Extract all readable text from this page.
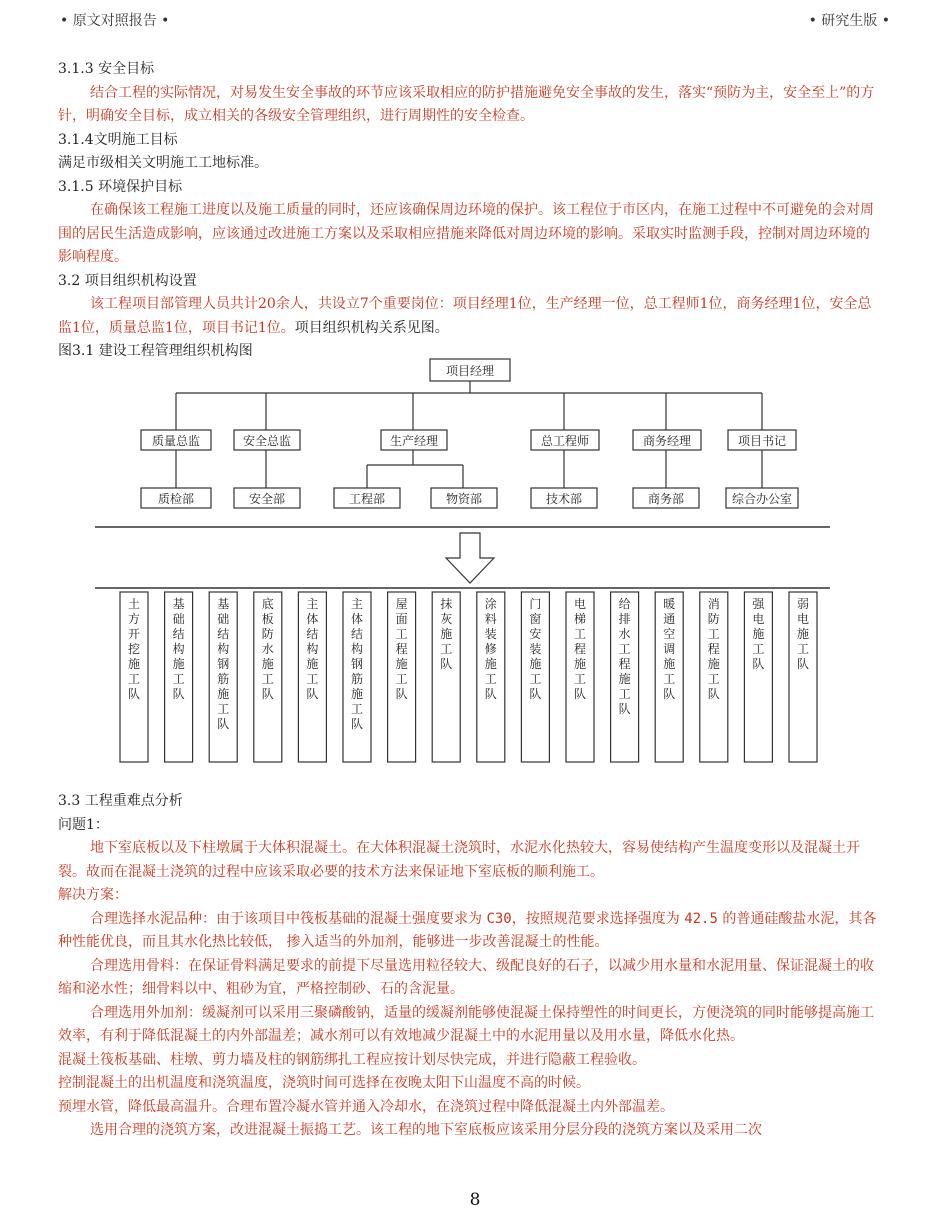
• 原文对照报告 •	• 研究生版 •

3.1.3 安全目标

结合工程的实际情况，对易发生安全事故的环节应该采取相应的防护措施避免安全事故的发生，落实“预防为主，安全至上”的方针，明确安全目标，成立相关的各级安全管理组织，进行周期性的安全检查。

3.1.4文明施工目标

满足市级相关文明施工工地标准。

3.1.5 环境保护目标

在确保该工程施工进度以及施工质量的同时，还应该确保周边环境的保护。该工程位于市区内，在施工过程中不可避免的会对周围的居民生活造成影响，应该通过改进施工方案以及采取相应措施来降低对周边环境的影响。采取实时监测手段，控制对周边环境的影响程度。

3.2 项目组织机构设置

该工程项目部管理人员共计20余人，共设立7个重要岗位：项目经理1位，生产经理一位，总工程师1位，商务经理1位，安全总监1位，质量总监1位，项目书记1位。项目组织机构关系见图。

图3.1 建设工程管理组织机构图

项目经理
质量总监	安全总监	生产经理	总工程师	商务经理	项目书记
质检部	安全部	工程部	物资部	技术部	商务部	综合办公室
土方开挖施工队
基础结构施工队
基础结构钢筋施工队
底板防水施工队
主体结构施工队
主体结构钢筋施工队
屋面工程施工队
抹灰施工队
涂料装修施工队
门窗安装施工队
电梯工程施工队
给排水工程施工队
暖通空调施工队
消防工程施工队
强电施工队
弱电施工队

3.3 工程重难点分析

问题1：

地下室底板以及下柱墩属于大体积混凝土。在大体积混凝土浇筑时，水泥水化热较大，容易使结构产生温度变形以及混凝土开裂。故而在混凝土浇筑的过程中应该采取必要的技术方法来保证地下室底板的顺利施工。

解决方案：

合理选择水泥品种：由于该项目中筏板基础的混凝土强度要求为 C30，按照规范要求选择强度为 42.5 的普通硅酸盐水泥，其各种性能优良，而且其水化热比较低， 掺入适当的外加剂，能够进一步改善混凝土的性能。

合理选用骨料：在保证骨料满足要求的前提下尽量选用粒径较大、级配良好的石子，以减少用水量和水泥用量、保证混凝土的收缩和泌水性；细骨料以中、粗砂为宜，严格控制砂、石的含泥量。

合理选用外加剂：缓凝剂可以采用三聚磷酸钠，适量的缓凝剂能够使混凝土保持塑性的时间更长，方便浇筑的同时能够提高施工效率，有利于降低混凝土的内外部温差；减水剂可以有效地减少混凝土中的水泥用量以及用水量，降低水化热。

混凝土筏板基础、柱墩、剪力墙及柱的钢筋绑扎工程应按计划尽快完成，并进行隐蔽工程验收。

控制混凝土的出机温度和浇筑温度，浇筑时间可选择在夜晚太阳下山温度不高的时候。

预埋水管，降低最高温升。合理布置冷凝水管并通入冷却水，在浇筑过程中降低混凝土内外部温差。

选用合理的浇筑方案，改进混凝土振捣工艺。该工程的地下室底板应该采用分层分段的浇筑方案以及采用二次

8
